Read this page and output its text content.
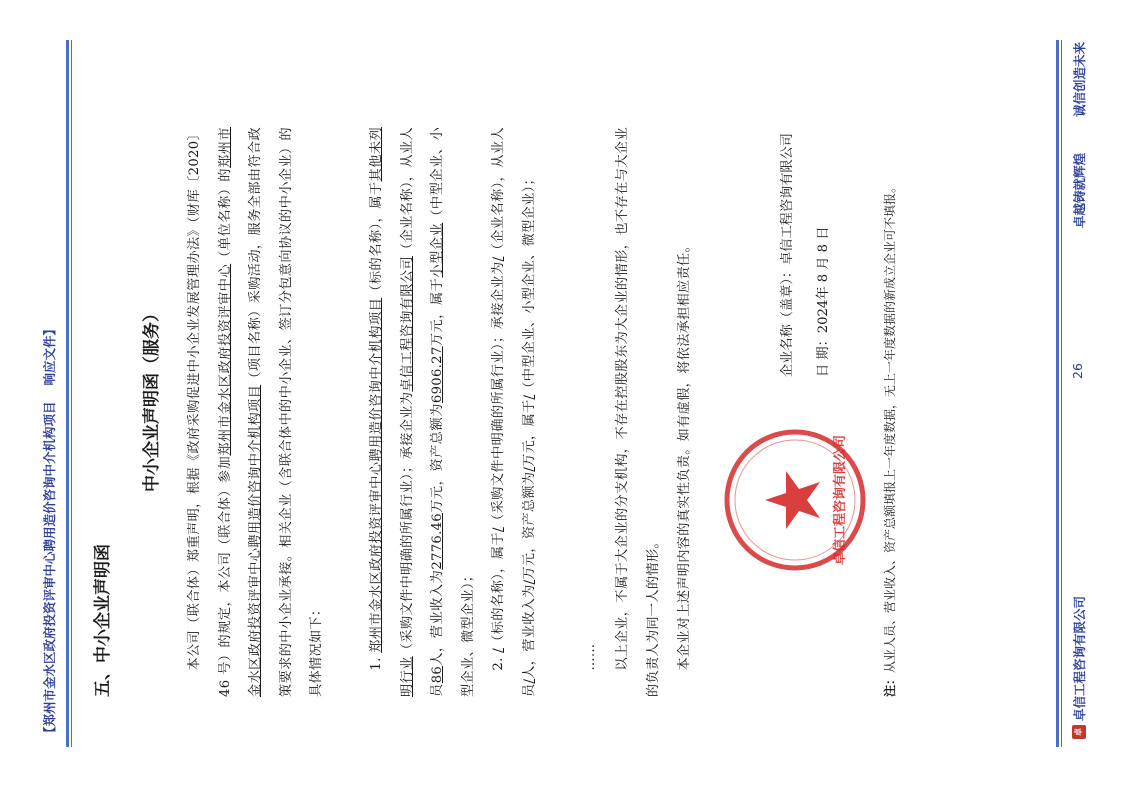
【郑州市金水区政府投资评审中心聘用造价咨询中介机构项目响应文件】
五、中小企业声明函
中小企业声明函（服务）	本公司（联合体）郑重声明，根据《政府采购促进中小企业发展管理办法》（财库〔2020〕46 号）的规定，本公司（联合体）参加郑州市金水区政府投资评审中心（单位名称）的郑州市金水区政府投资评审中心聘用造价咨询中介机构项目（项目名称）采购活动，服务全部由符合政策要求的中小企业承接。相关企业（含联合体中的中小企业、签订分包意向协议的中小企业）的具体情况如下：	1. 郑州市金水区政府投资评审中心聘用造价咨询中介机构项目（标的名称），属于其他未列明行业（采购文件中明确的所属行业）；承接企业为卓信工程咨询有限公司（企业名称），从业人员86人，营业收入为2776.46万元，资产总额为6906.27万元，属于小型企业（中型企业、小型企业、微型企业）；	2. /（标的名称），属于/（采购文件中明确的所属行业）；承接企业为/（企业名称），从业人员/人，营业收入为/万元，资产总额为/万元，属于/（中型企业、小型企业、微型企业）；
……	以上企业，不属于大企业的分支机构，不存在控股股东为大企业的情形，也不存在与大企业的负责人为同一人的情形。	本企业对上述声明内容的真实性负责。如有虚假，将依法承担相应责任。	企业名称（盖章）：卓信工程咨询有限公司	日 期：2024年 8 月 8 日
卓信工程咨询有限公司
注：从业人员、营业收入、资产总额填报上一年度数据，无上一年度数据的新成立企业可不填报。
卓
卓信工程咨询有限公司
26
卓越铸就辉煌诚信创造未来
